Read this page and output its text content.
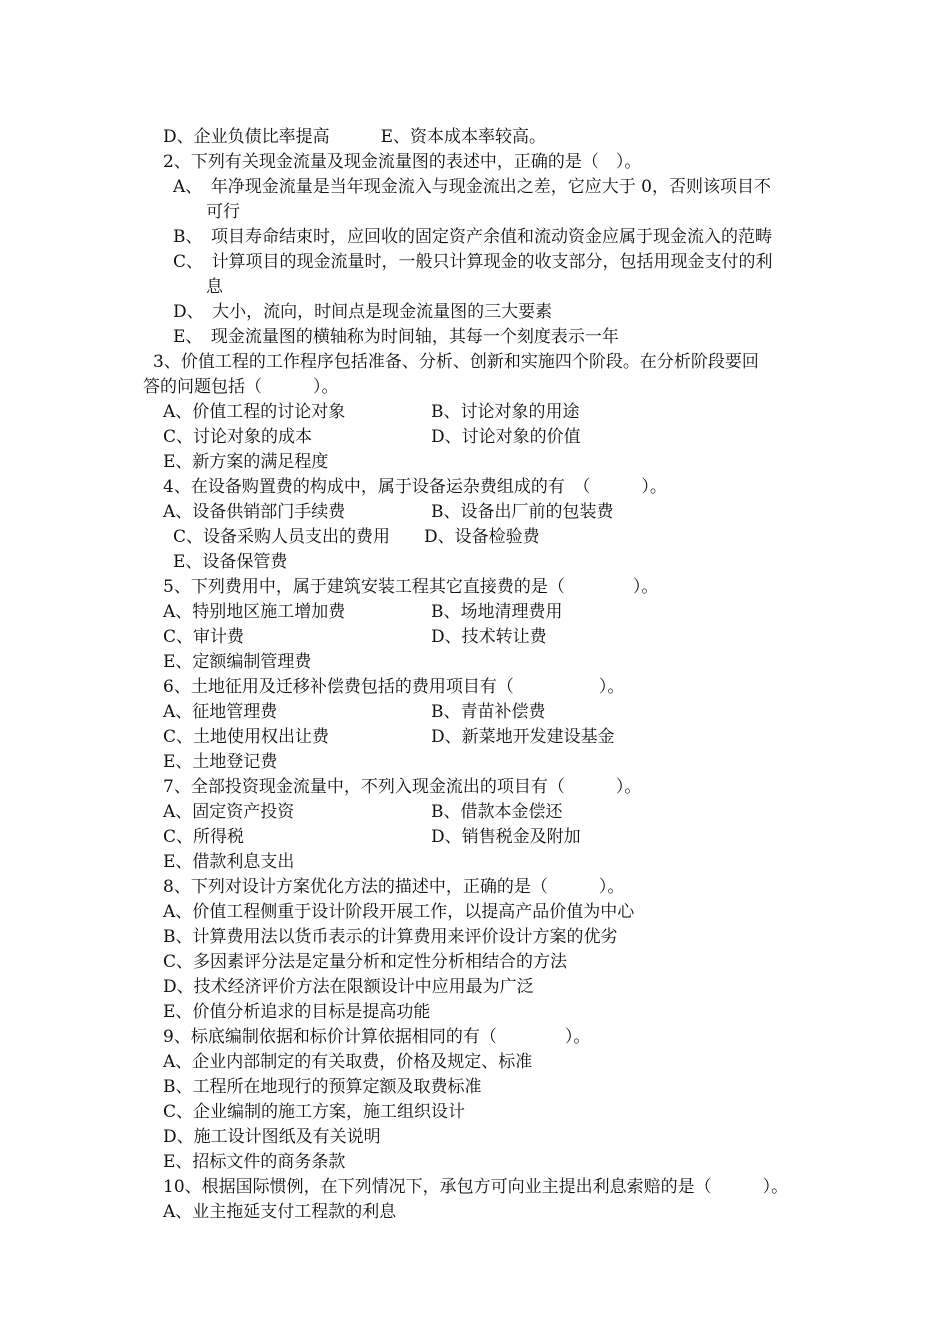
D、企业负债比率提高　　　E、资本成本率较高。
2、下列有关现金流量及现金流量图的表述中，正确的是（　）。
A、　年净现金流量是当年现金流入与现金流出之差，它应大于 0，否则该项目不
可行
B、　项目寿命结束时，应回收的固定资产余值和流动资金应属于现金流入的范畴
C、　计算项目的现金流量时，一般只计算现金的收支部分，包括用现金支付的利
息
D、　大小，流向，时间点是现金流量图的三大要素
E、　现金流量图的横轴称为时间轴，其每一个刻度表示一年
3、价值工程的工作程序包括准备、分析、创新和实施四个阶段。在分析阶段要回
答的问题包括（　　　）。
A、价值工程的讨论对象	B、讨论对象的用途
C、讨论对象的成本	D、讨论对象的价值
E、新方案的满足程度
4、在设备购置费的构成中，属于设备运杂费组成的有　（　　　）。
A、设备供销部门手续费	B、设备出厂前的包装费
C、设备采购人员支出的费用　　D、设备检验费
E、设备保管费
5、下列费用中，属于建筑安装工程其它直接费的是（　　　　）。
A、特别地区施工增加费	B、场地清理费用
C、审计费	D、技术转让费
E、定额编制管理费
6、土地征用及迁移补偿费包括的费用项目有（　　　　　）。
A、征地管理费	B、青苗补偿费
C、土地使用权出让费	D、新菜地开发建设基金
E、土地登记费
7、全部投资现金流量中，不列入现金流出的项目有（　　　）。
A、固定资产投资	B、借款本金偿还
C、所得税	D、销售税金及附加
E、借款利息支出
8、下列对设计方案优化方法的描述中，正确的是（　　　）。
A、价值工程侧重于设计阶段开展工作，以提高产品价值为中心
B、计算费用法以货币表示的计算费用来评价设计方案的优劣
C、多因素评分法是定量分析和定性分析相结合的方法
D、技术经济评价方法在限额设计中应用最为广泛
E、价值分析追求的目标是提高功能
9、标底编制依据和标价计算依据相同的有（　　　　）。
A、企业内部制定的有关取费，价格及规定、标准
B、工程所在地现行的预算定额及取费标准
C、企业编制的施工方案，施工组织设计
D、施工设计图纸及有关说明
E、招标文件的商务条款
10、根据国际惯例，在下列情况下，承包方可向业主提出利息索赔的是（　　　）。
A、业主拖延支付工程款的利息
